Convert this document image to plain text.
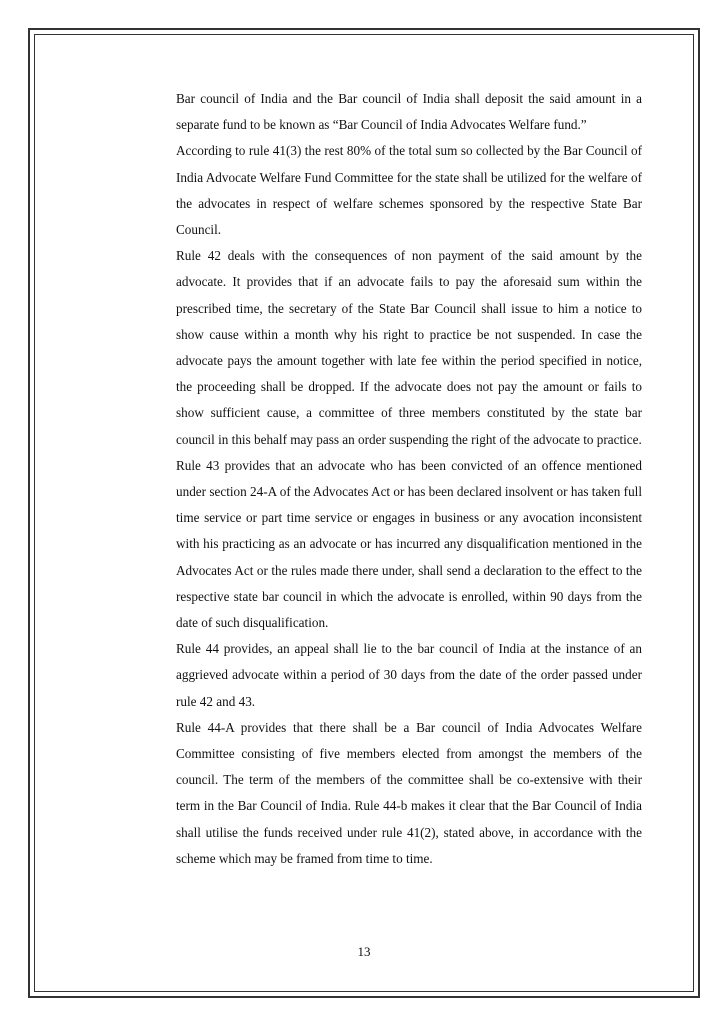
Bar council of India and the Bar council of India shall deposit the said amount in a separate fund to be known as “Bar Council of India Advocates Welfare fund.”

According to rule 41(3) the rest 80% of the total sum so collected by the Bar Council of India Advocate Welfare Fund Committee for the state shall be utilized for the welfare of the advocates in respect of welfare schemes sponsored by the respective State Bar Council.

Rule 42 deals with the consequences of non payment of the said amount by the advocate. It provides that if an advocate fails to pay the aforesaid sum within the prescribed time, the secretary of the State Bar Council shall issue to him a notice to show cause within a month why his right to practice be not suspended. In case the advocate pays the amount together with late fee within the period specified in notice, the proceeding shall be dropped. If the advocate does not pay the amount or fails to show sufficient cause, a committee of three members constituted by the state bar council in this behalf may pass an order suspending the right of the advocate to practice.

Rule 43 provides that an advocate who has been convicted of an offence mentioned under section 24-A of the Advocates Act or has been declared insolvent or has taken full time service or part time service or engages in business or any avocation inconsistent with his practicing as an advocate or has incurred any disqualification mentioned in the Advocates Act or the rules made there under, shall send a declaration to the effect to the respective state bar council in which the advocate is enrolled, within 90 days from the date of such disqualification.

Rule 44 provides, an appeal shall lie to the bar council of India at the instance of an aggrieved advocate within a period of 30 days from the date of the order passed under rule 42 and 43.

Rule 44-A provides that there shall be a Bar council of India Advocates Welfare Committee consisting of five members elected from amongst the members of the council. The term of the members of the committee shall be co-extensive with their term in the Bar Council of India. Rule 44-b makes it clear that the Bar Council of India shall utilise the funds received under rule 41(2), stated above, in accordance with the scheme which may be framed from time to time.

13
